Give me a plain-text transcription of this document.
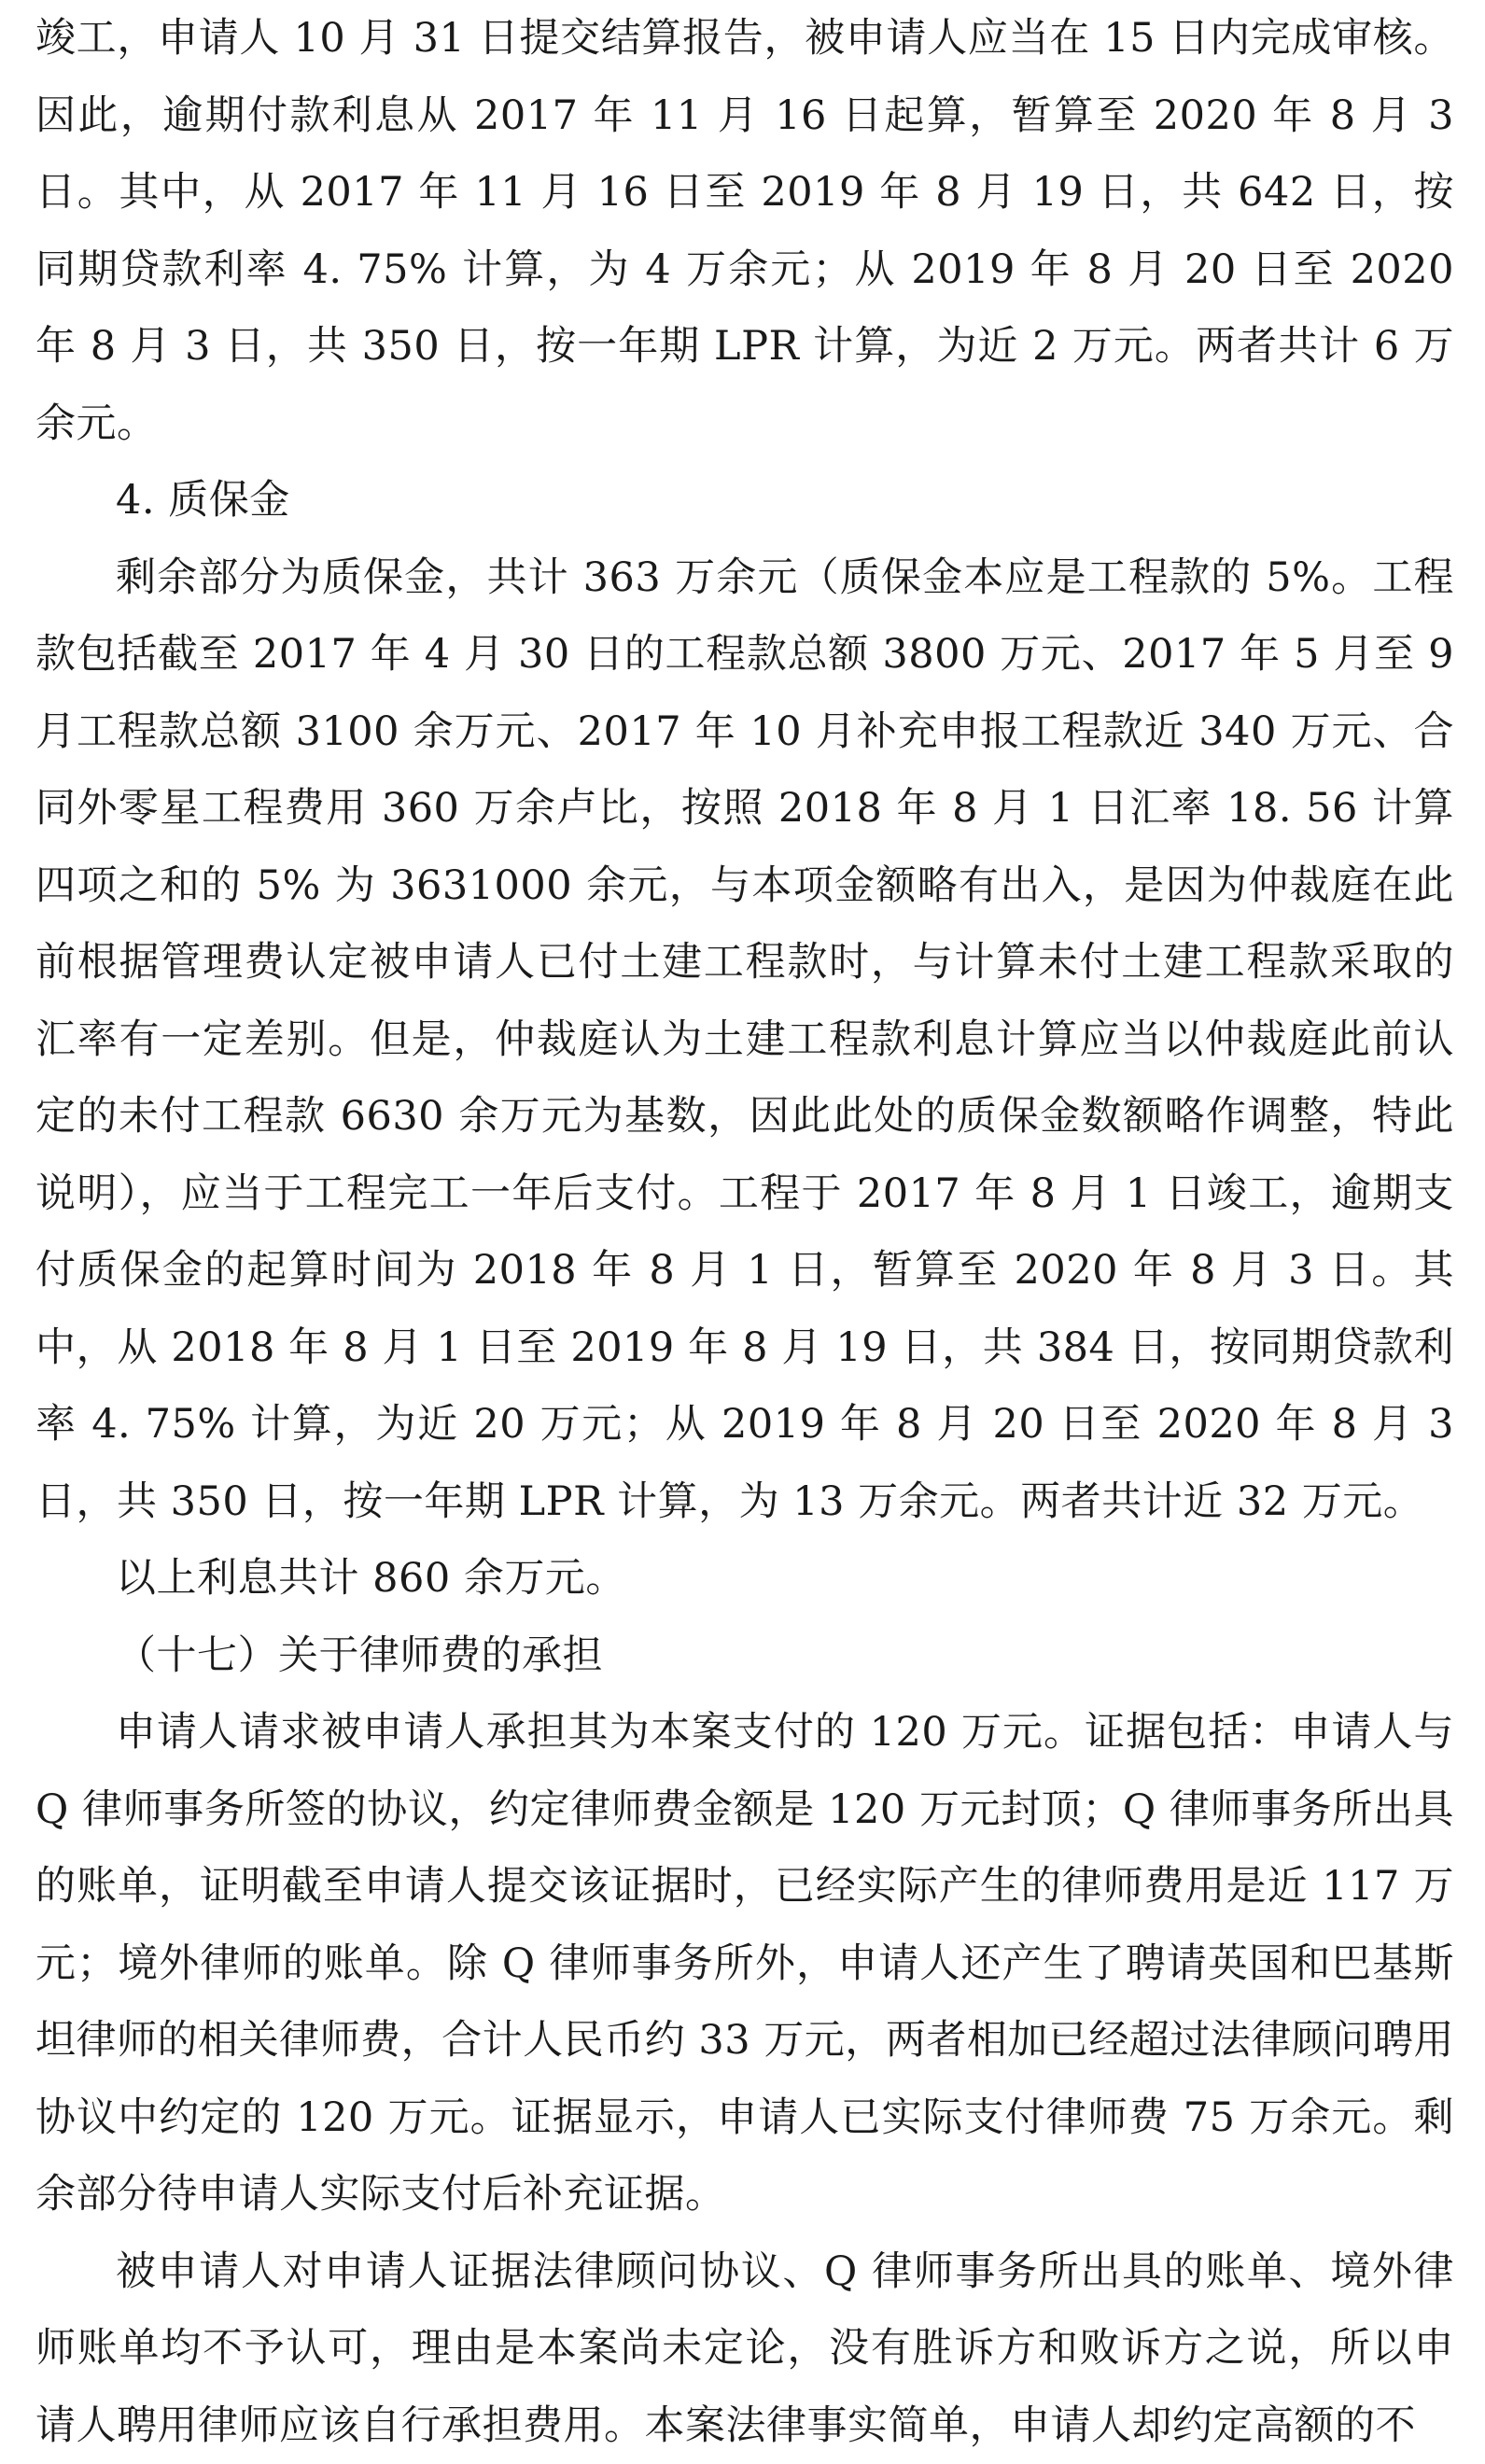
竣工，申请人 10 月 31 日提交结算报告，被申请人应当在 15 日内完成审核。因此，逾期付款利息从 2017 年 11 月 16 日起算，暂算至 2020 年 8 月 3 日。其中，从 2017 年 11 月 16 日至 2019 年 8 月 19 日，共 642 日，按同期贷款利率 4. 75% 计算，为 4 万余元；从 2019 年 8 月 20 日至 2020 年 8 月 3 日，共 350 日，按一年期 LPR 计算，为近 2 万元。两者共计 6 万余元。

4. 质保金

剩余部分为质保金，共计 363 万余元（质保金本应是工程款的 5%。工程款包括截至 2017 年 4 月 30 日的工程款总额 3800 万元、2017 年 5 月至 9 月工程款总额 3100 余万元、2017 年 10 月补充申报工程款近 340 万元、合同外零星工程费用 360 万余卢比，按照 2018 年 8 月 1 日汇率 18. 56 计算四项之和的 5% 为 3631000 余元，与本项金额略有出入，是因为仲裁庭在此前根据管理费认定被申请人已付土建工程款时，与计算未付土建工程款采取的汇率有一定差别。但是，仲裁庭认为土建工程款利息计算应当以仲裁庭此前认定的未付工程款 6630 余万元为基数，因此此处的质保金数额略作调整，特此说明），应当于工程完工一年后支付。工程于 2017 年 8 月 1 日竣工，逾期支付质保金的起算时间为 2018 年 8 月 1 日，暂算至 2020 年 8 月 3 日。其中，从 2018 年 8 月 1 日至 2019 年 8 月 19 日，共 384 日，按同期贷款利率 4. 75% 计算，为近 20 万元；从 2019 年 8 月 20 日至 2020 年 8 月 3 日，共 350 日，按一年期 LPR 计算，为 13 万余元。两者共计近 32 万元。

以上利息共计 860 余万元。

（十七）关于律师费的承担

申请人请求被申请人承担其为本案支付的 120 万元。证据包括：申请人与 Q 律师事务所签的协议，约定律师费金额是 120 万元封顶；Q 律师事务所出具的账单，证明截至申请人提交该证据时，已经实际产生的律师费用是近 117 万元；境外律师的账单。除 Q 律师事务所外，申请人还产生了聘请英国和巴基斯坦律师的相关律师费，合计人民币约 33 万元，两者相加已经超过法律顾问聘用协议中约定的 120 万元。证据显示，申请人已实际支付律师费 75 万余元。剩余部分待申请人实际支付后补充证据。

被申请人对申请人证据法律顾问协议、Q 律师事务所出具的账单、境外律师账单均不予认可，理由是本案尚未定论，没有胜诉方和败诉方之说，所以申请人聘用律师应该自行承担费用。本案法律事实简单，申请人却约定高额的不
